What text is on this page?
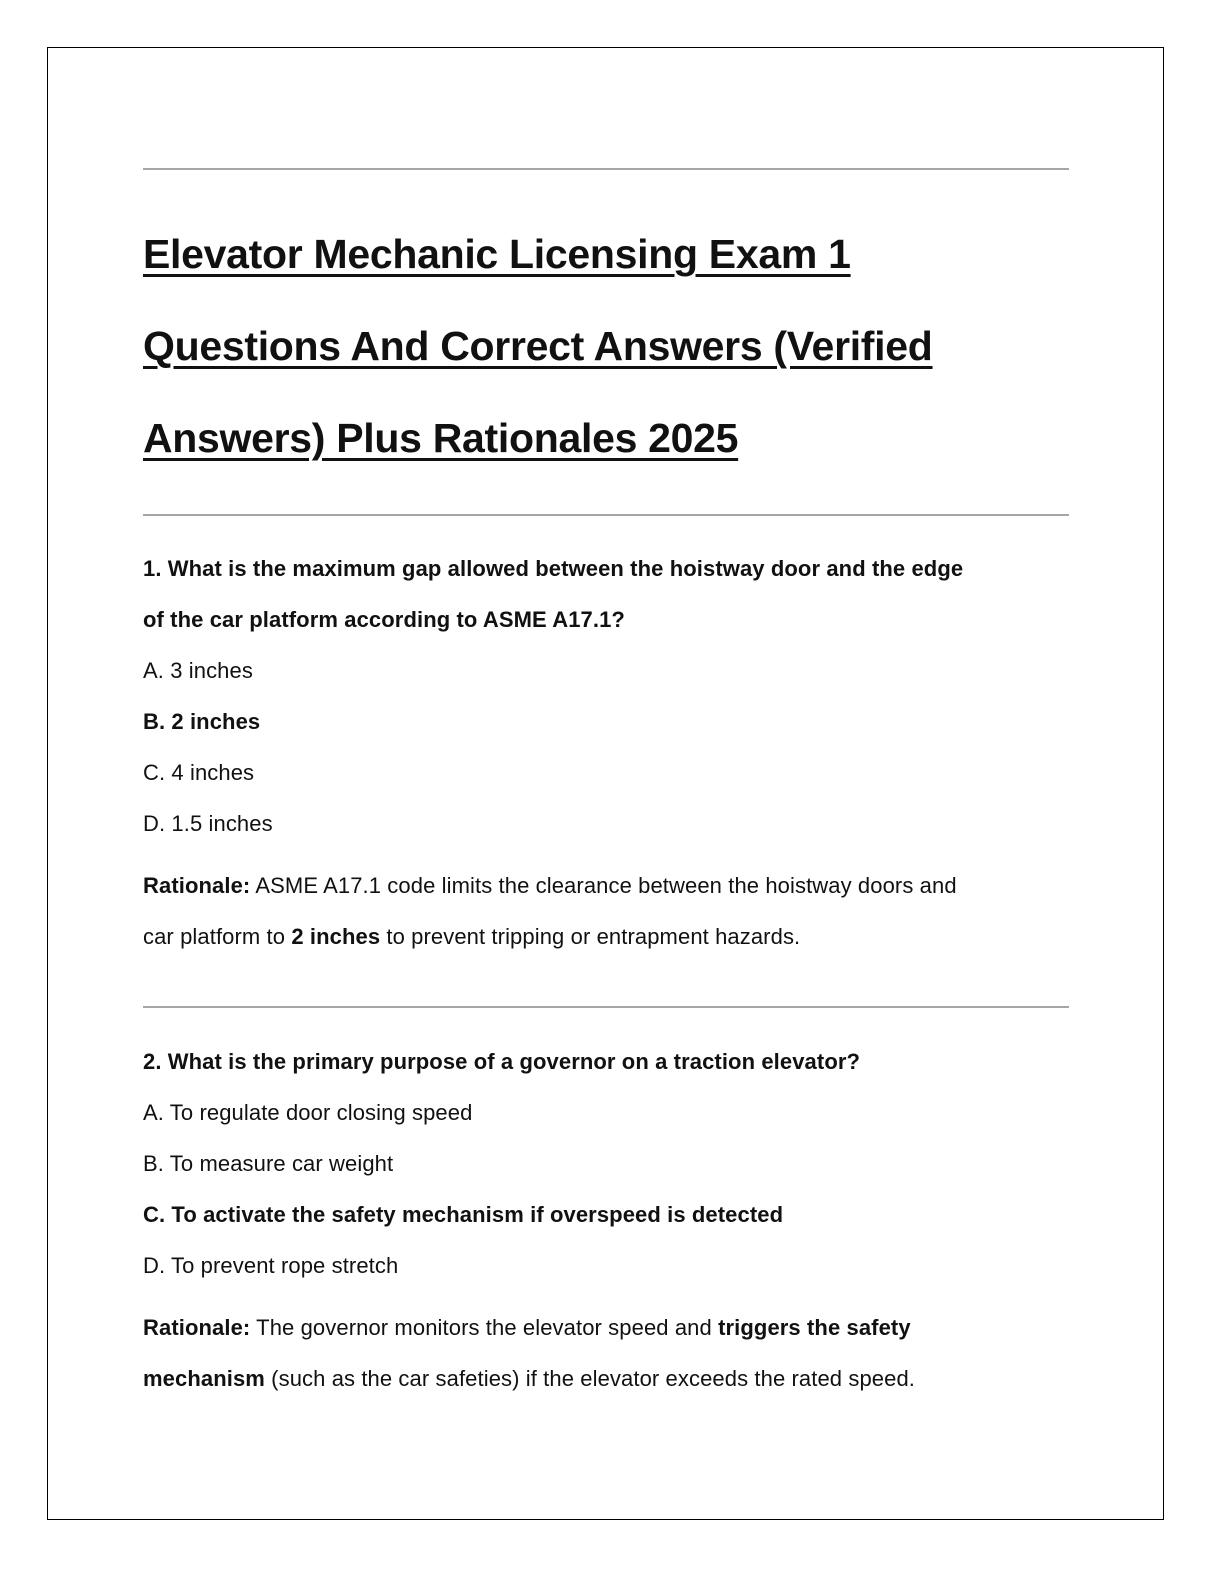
Elevator Mechanic Licensing Exam 1
Questions And Correct Answers (Verified
Answers) Plus Rationales 2025
1. What is the maximum gap allowed between the hoistway door and the edge
of the car platform according to ASME A17.1?
A. 3 inches
B. 2 inches
C. 4 inches
D. 1.5 inches
Rationale: ASME A17.1 code limits the clearance between the hoistway doors and
car platform to 2 inches to prevent tripping or entrapment hazards.
2. What is the primary purpose of a governor on a traction elevator?
A. To regulate door closing speed
B. To measure car weight
C. To activate the safety mechanism if overspeed is detected
D. To prevent rope stretch
Rationale: The governor monitors the elevator speed and triggers the safety
mechanism (such as the car safeties) if the elevator exceeds the rated speed.
